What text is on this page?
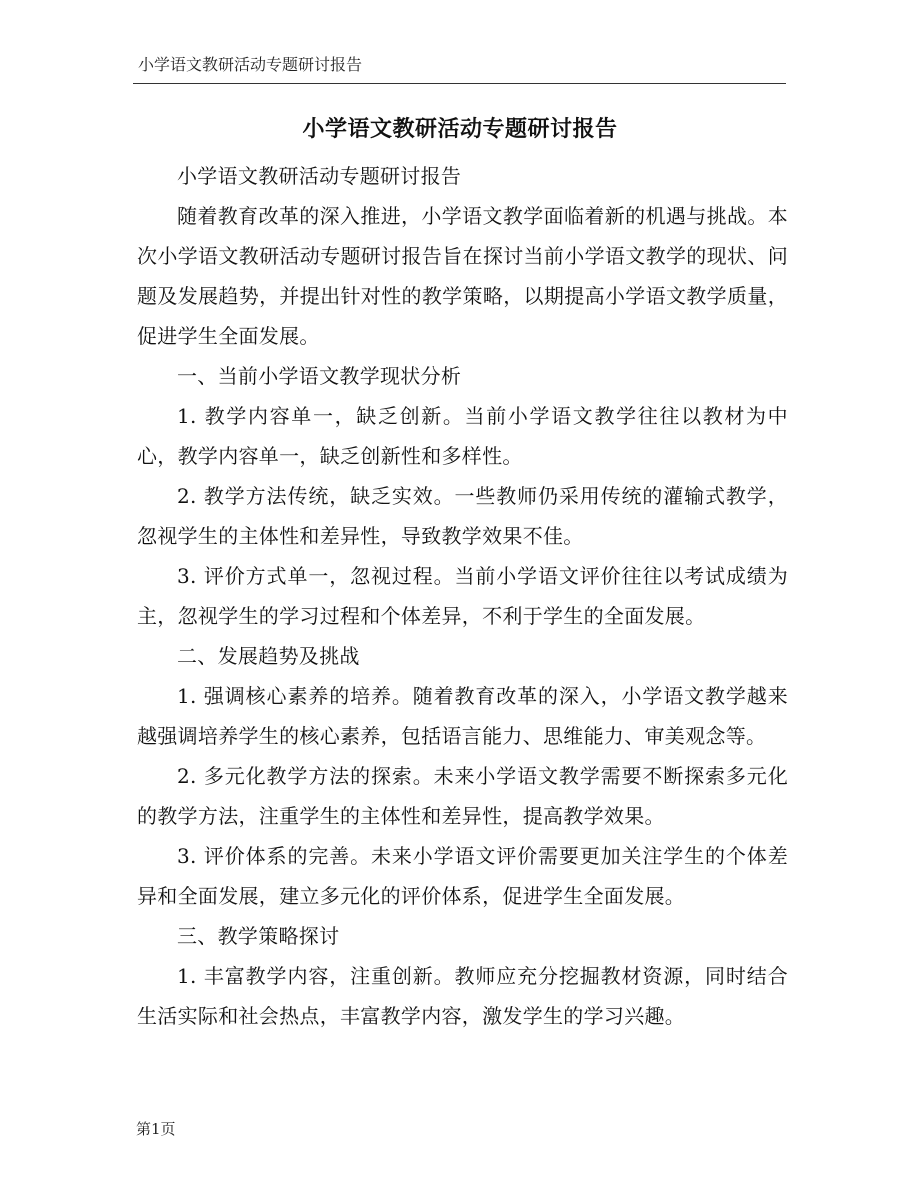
小学语文教研活动专题研讨报告
小学语文教研活动专题研讨报告

小学语文教研活动专题研讨报告

随着教育改革的深入推进，小学语文教学面临着新的机遇与挑战。本次小学语文教研活动专题研讨报告旨在探讨当前小学语文教学的现状、问题及发展趋势，并提出针对性的教学策略，以期提高小学语文教学质量，促进学生全面发展。

一、当前小学语文教学现状分析

1. 教学内容单一，缺乏创新。当前小学语文教学往往以教材为中心，教学内容单一，缺乏创新性和多样性。

2. 教学方法传统，缺乏实效。一些教师仍采用传统的灌输式教学，忽视学生的主体性和差异性，导致教学效果不佳。

3. 评价方式单一，忽视过程。当前小学语文评价往往以考试成绩为主，忽视学生的学习过程和个体差异，不利于学生的全面发展。

二、发展趋势及挑战

1. 强调核心素养的培养。随着教育改革的深入，小学语文教学越来越强调培养学生的核心素养，包括语言能力、思维能力、审美观念等。

2. 多元化教学方法的探索。未来小学语文教学需要不断探索多元化的教学方法，注重学生的主体性和差异性，提高教学效果。

3. 评价体系的完善。未来小学语文评价需要更加关注学生的个体差异和全面发展，建立多元化的评价体系，促进学生全面发展。

三、教学策略探讨

1. 丰富教学内容，注重创新。教师应充分挖掘教材资源，同时结合生活实际和社会热点，丰富教学内容，激发学生的学习兴趣。

第1页
